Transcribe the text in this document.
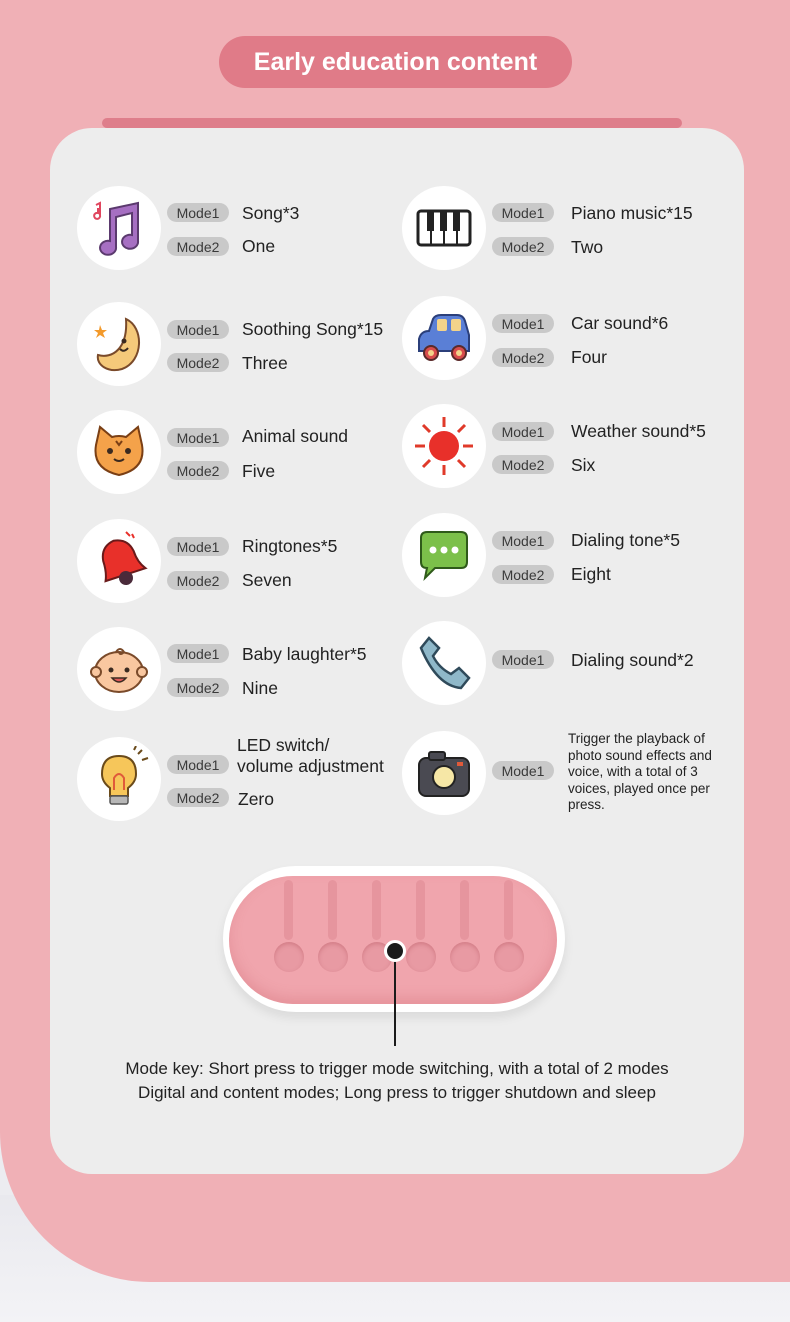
Early education content
Mode1	Song*3
Mode2	One
Mode1	Piano music*15
Mode2	Two
Mode1	Soothing Song*15
Mode2	Three
Mode1	Car sound*6
Mode2	Four
Mode1	Animal sound
Mode2	Five
Mode1	Weather sound*5
Mode2	Six
Mode1	Ringtones*5
Mode2	Seven
Mode1	Dialing tone*5
Mode2	Eight
Mode1	Baby laughter*5
Mode2	Nine
Mode1	Dialing sound*2
Mode1
LED switch/
volume adjustment
Mode2	Zero
Mode1
Trigger the playback of photo sound effects and voice, with a total of 3 voices, played once per press.
Mode key: Short press to trigger mode switching, with a total of 2 modes
Digital and content modes; Long press to trigger shutdown and sleep
